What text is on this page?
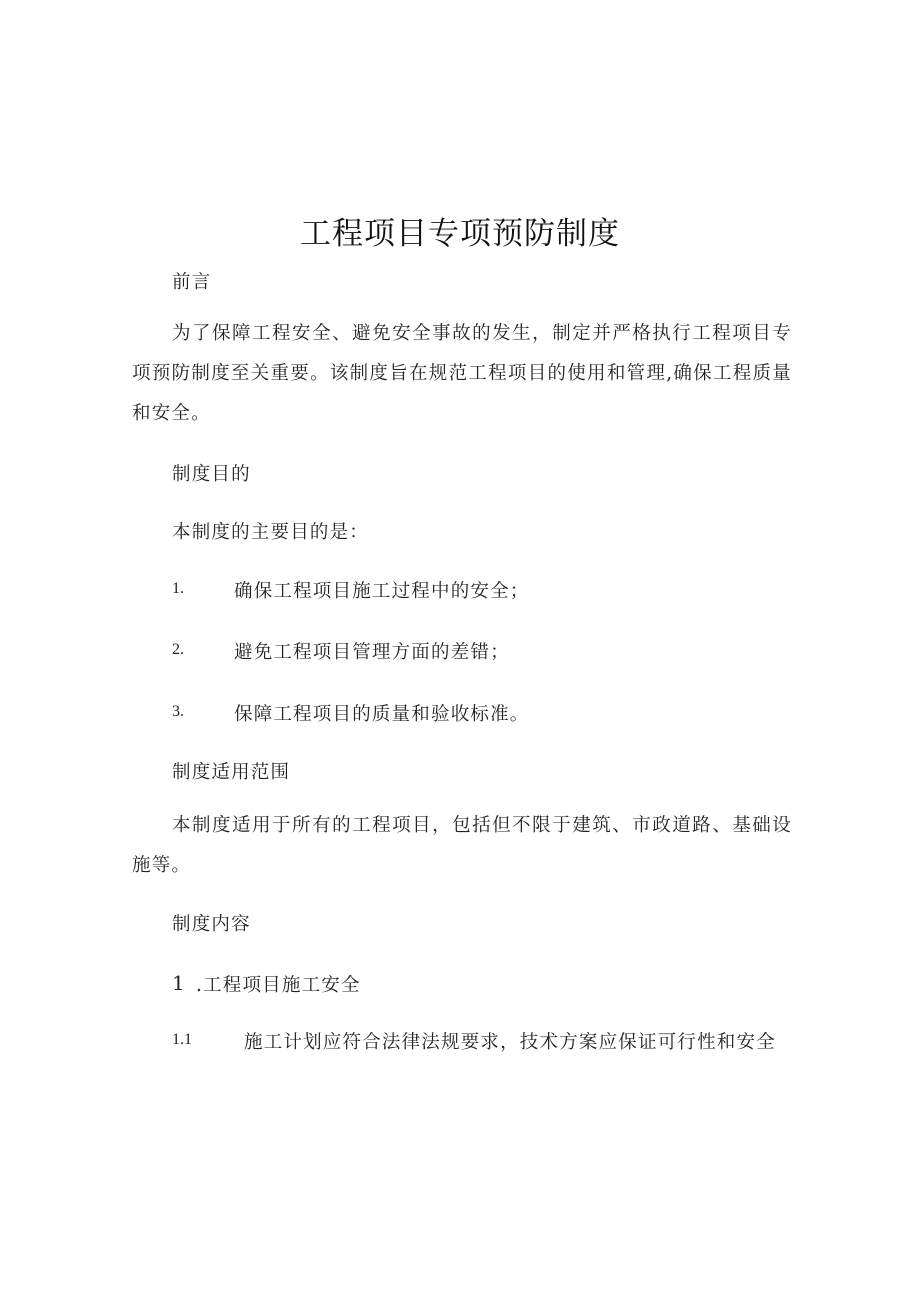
工程项目专项预防制度
前言
为了保障工程安全、避免安全事故的发生，制定并严格执行工程项目专项预防制度至关重要。该制度旨在规范工程项目的使用和管理,确保工程质量和安全。
制度目的
本制度的主要目的是：
1.	确保工程项目施工过程中的安全；
2.	避免工程项目管理方面的差错；
3.	保障工程项目的质量和验收标准。
制度适用范围
本制度适用于所有的工程项目，包括但不限于建筑、市政道路、基础设施等。
制度内容
1 .工程项目施工安全
1.1	施工计划应符合法律法规要求，技术方案应保证可行性和安全
